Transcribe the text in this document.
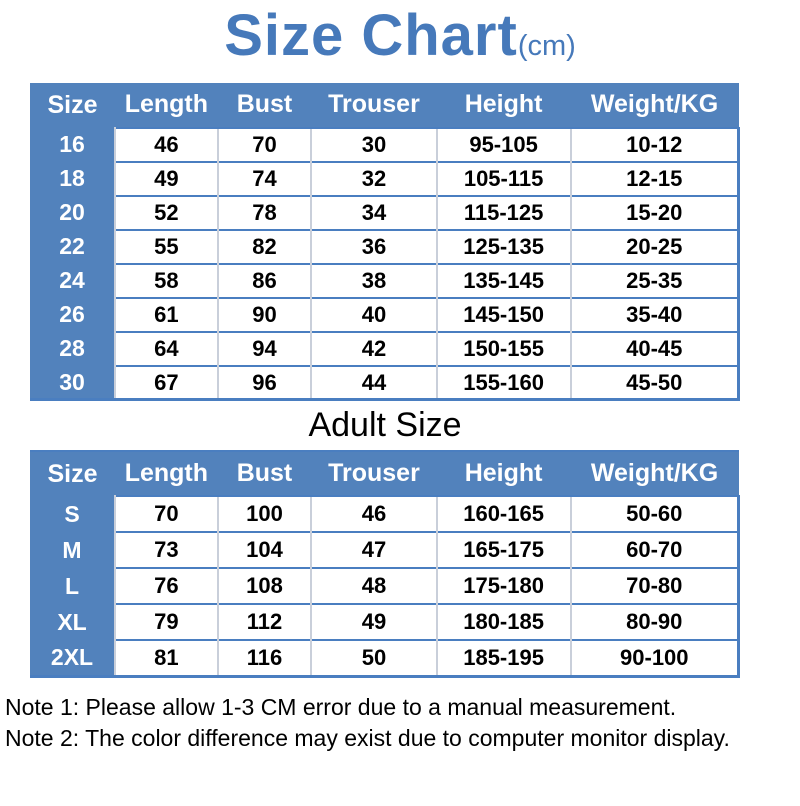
Size Chart(cm)
Size	Length	Bust	Trouser	Height	Weight/KG
16	46	70	30	95-105	10-12
18	49	74	32	105-115	12-15
20	52	78	34	115-125	15-20
22	55	82	36	125-135	20-25
24	58	86	38	135-145	25-35
26	61	90	40	145-150	35-40
28	64	94	42	150-155	40-45
30	67	96	44	155-160	45-50
Adult Size
Size	Length	Bust	Trouser	Height	Weight/KG
S	70	100	46	160-165	50-60
M	73	104	47	165-175	60-70
L	76	108	48	175-180	70-80
XL	79	112	49	180-185	80-90
2XL	81	116	50	185-195	90-100

Note 1: Please allow 1-3 CM error due to a manual measurement.

Note 2: The color difference may exist due to computer monitor display.
